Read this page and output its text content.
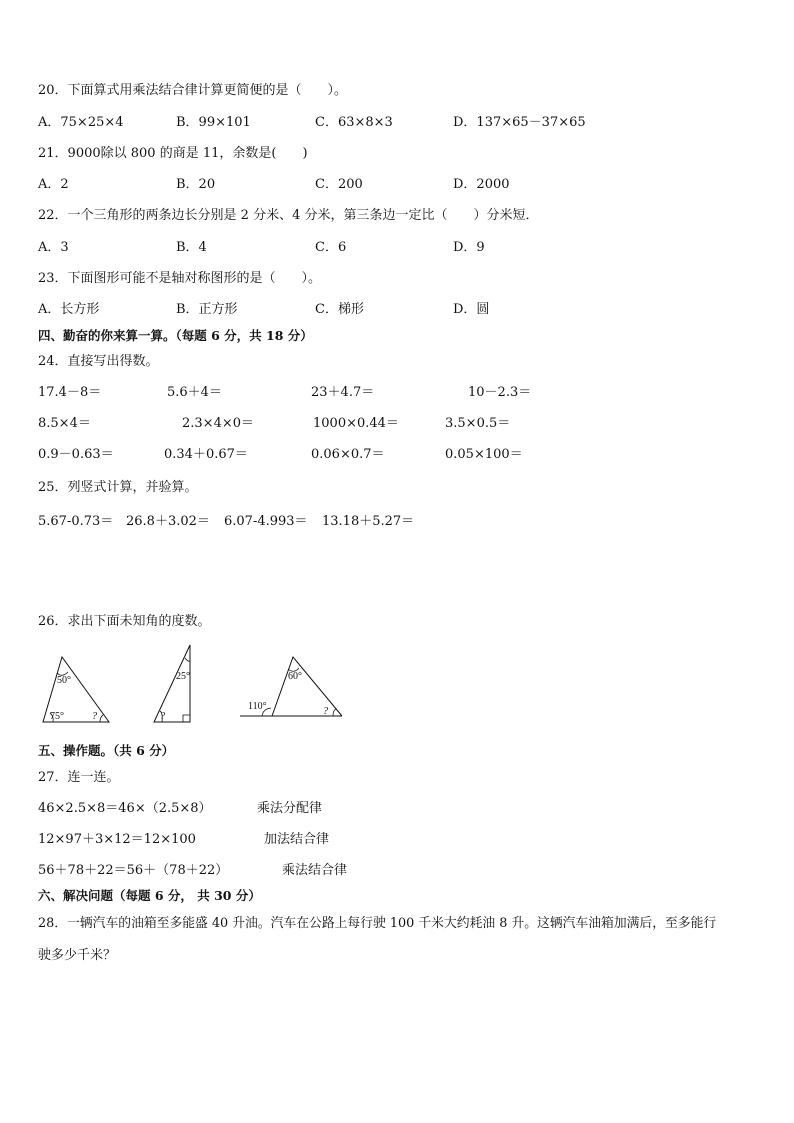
20．下面算式用乘法结合律计算更简便的是（　　）。
A．75×25×4	B．99×101	C．63×8×3	D．137×65－37×65
21．9000除以 800 的商是 11，余数是(　　)
A．2	B．20	C．200	D．2000
22．一个三角形的两条边长分别是 2 分米、4 分米，第三条边一定比（　　）分米短．
A．3	B．4	C．6	D．9
23．下面图形可能不是轴对称图形的是（　　）。
A．长方形	B．正方形	C．梯形	D．圆
四、勤奋的你来算一算。（每题 6 分，共 18 分）
24．直接写出得数。
17.4－8＝	5.6＋4＝	23＋4.7＝	10－2.3＝
8.5×4＝	2.3×4×0＝	1000×0.44＝	3.5×0.5＝
0.9－0.63＝	0.34＋0.67＝	0.06×0.7＝	0.05×100＝
25．列竖式计算，并验算。
5.67-0.73＝ 26.8＋3.02＝ 6.07-4.993＝ 13.18＋5.27＝
26．求出下面未知角的度数。
50°
75°	?
25°
?
60°
110°	?
五、操作题。（共 6 分）
27．连一连。
46×2.5×8＝46×（2.5×8）
12×97＋3×12＝12×100
56＋78＋22＝56＋（78＋22）
乘法分配律
加法结合律
乘法结合律
六、解决问题（每题 6 分， 共 30 分）
28．一辆汽车的油箱至多能盛 40 升油。汽车在公路上每行驶 100 千米大约耗油 8 升。这辆汽车油箱加满后，至多能行
驶多少千米？
